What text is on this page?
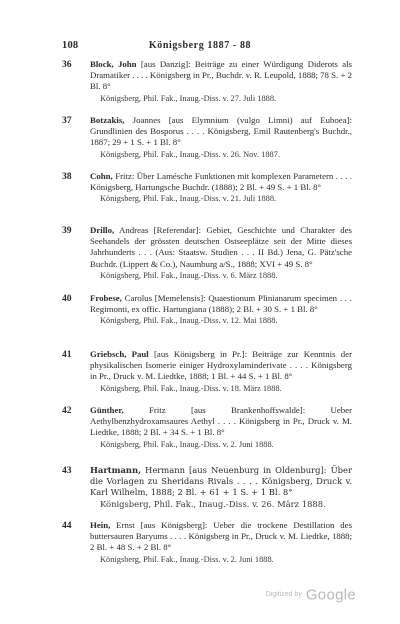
108	Königsberg 1887 - 88
36 Block, John [aus Danzig]: Beiträge zu einer Würdigung Diderots als Dramatiker . . . . Königsberg in Pr., Buchdr. v. R. Leupold, 1888; 78 S. + 2 Bl. 8°

Königsberg, Phil. Fak., Inaug.-Diss. v. 27. Juli 1888.
37 Botzakis, Joannes [aus Elymnium (vulgo Limni) auf Euboea]: Grundlinien des Bosporus . . . . Königsberg, Emil Rautenberg's Buchdr., 1887; 29 + 1 S. + 1 Bl. 8°

Königsberg, Phil. Fak., Inaug.-Diss. v. 26. Nov. 1887.
38 Cohn, Fritz: Über Lamésche Funktionen mit komplexen Parametern . . . . Königsberg, Hartungsche Buchdr. (1888); 2 Bl. + 49 S. + 1 Bl. 8°

Königsberg, Phil. Fak., Inaug.-Diss. v. 21. Juli 1888.
39 Drillo, Andreas [Referendar]: Gebiet, Geschichte und Charakter des Seehandels der grössten deutschen Ostseeplätze seit der Mitte dieses Jahrhunderts . . . (Aus: Staatsw. Studien . . . II Bd.) Jena, G. Pätz'sche Buchdr. (Lippert & Co.), Naumburg a/S., 1888; XVI + 49 S. 8°

Königsberg, Phil. Fak., Inaug.-Diss. v. 6. März 1888.
40 Frobese, Carolus [Memelensis]: Quaestionum Plinianarum specimen . . . Regimonti, ex offic. Hartungiana (1888); 2 Bl. + 30 S. + 1 Bl. 8°

Königsberg, Phil. Fak., Inaug.-Diss. v. 12. Mai 1888.
41 Griebsch, Paul [aus Königsberg in Pr.]: Beiträge zur Kenntnis der physikalischen Isomerie einiger Hydroxylaminderivate . . . . Königsberg in Pr., Druck v. M. Liedtke, 1888; 1 Bl. + 44 S. + 1 Bl. 8°

Königsberg, Phil. Fak., Inaug.-Diss. v. 18. März 1888.
42 Günther, Fritz [aus Brankenhoffswalde]: Ueber Aethylbenzhydroxamsaures Aethyl . . . . Königsberg in Pr., Druck v. M. Liedtke, 1888; 2 Bl. + 34 S. + 1 Bl. 8°

Königsberg, Phil. Fak., Inaug.-Diss. v. 2. Juni 1888.
43 Hartmann, Hermann [aus Neuenburg in Oldenburg]: Über die Vorlagen zu Sheridans Rivals . . . . Königsberg, Druck v. Karl Wilhelm, 1888; 2 Bl. + 61 + 1 S. + 1 Bl. 8°

Königsberg, Phil. Fak., Inaug.-Diss. v. 26. März 1888.
44 Hein, Ernst [aus Königsberg]: Ueber die trockene Destillation des buttersauren Baryums . . . . Königsberg in Pr., Druck v. M. Liedtke, 1888; 2 Bl. + 48 S. + 2 Bl. 8°

Königsberg, Phil. Fak., Inaug.-Diss. v. 2. Juni 1888.
Digitized by Google
